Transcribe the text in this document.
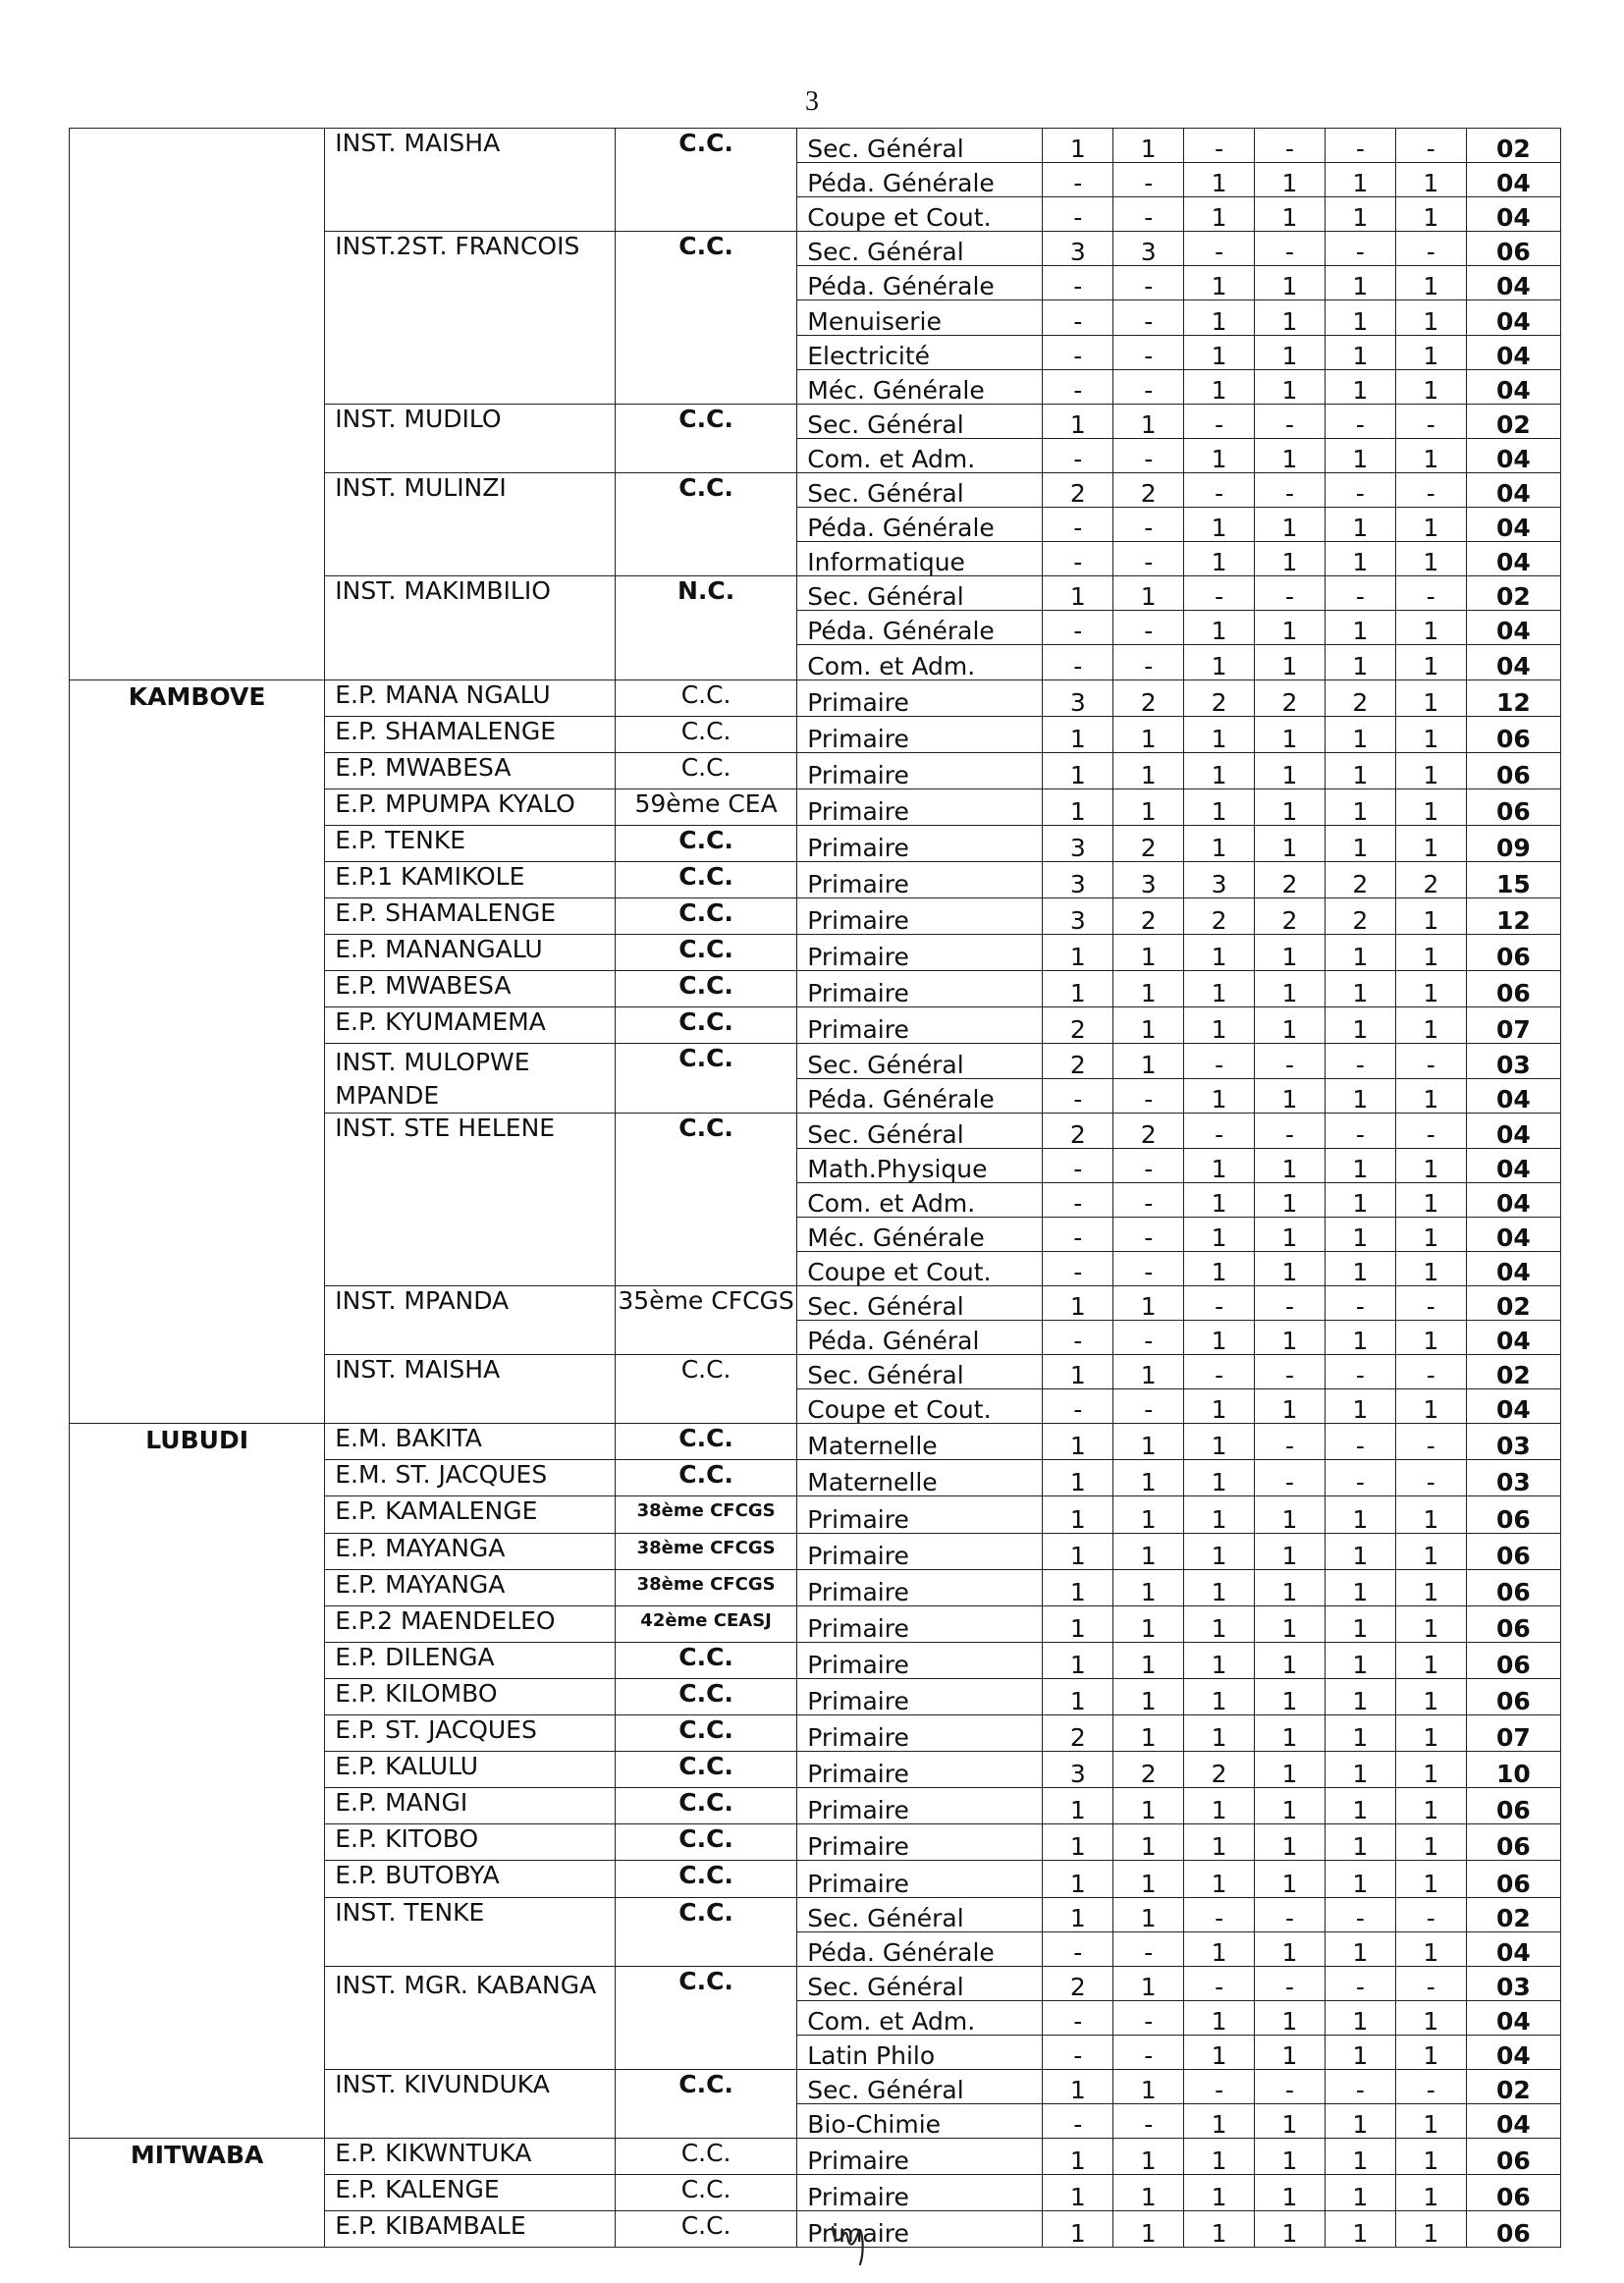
3
	INST. MAISHA	C.C.	Sec. Général	1	1	-	-	-	-	02
			Péda. Générale	-	-	1	1	1	1	04
			Coupe et Cout.	-	-	1	1	1	1	04
	INST.2ST. FRANCOIS	C.C.	Sec. Général	3	3	-	-	-	-	06
			Péda. Générale	-	-	1	1	1	1	04
			Menuiserie	-	-	1	1	1	1	04
			Electricité	-	-	1	1	1	1	04
			Méc. Générale	-	-	1	1	1	1	04
	INST. MUDILO	C.C.	Sec. Général	1	1	-	-	-	-	02
			Com. et Adm.	-	-	1	1	1	1	04
	INST. MULINZI	C.C.	Sec. Général	2	2	-	-	-	-	04
			Péda. Générale	-	-	1	1	1	1	04
			Informatique	-	-	1	1	1	1	04
	INST. MAKIMBILIO	N.C.	Sec. Général	1	1	-	-	-	-	02
			Péda. Générale	-	-	1	1	1	1	04
			Com. et Adm.	-	-	1	1	1	1	04
KAMBOVE	E.P. MANA NGALU	C.C.	Primaire	3	2	2	2	2	1	12
	E.P. SHAMALENGE	C.C.	Primaire	1	1	1	1	1	1	06
	E.P. MWABESA	C.C.	Primaire	1	1	1	1	1	1	06
	E.P. MPUMPA KYALO	59ème CEA	Primaire	1	1	1	1	1	1	06
	E.P. TENKE	C.C.	Primaire	3	2	1	1	1	1	09
	E.P.1 KAMIKOLE	C.C.	Primaire	3	3	3	2	2	2	15
	E.P. SHAMALENGE	C.C.	Primaire	3	2	2	2	2	1	12
	E.P. MANANGALU	C.C.	Primaire	1	1	1	1	1	1	06
	E.P. MWABESA	C.C.	Primaire	1	1	1	1	1	1	06
	E.P. KYUMAMEMA	C.C.	Primaire	2	1	1	1	1	1	07
	INST. MULOPWE MPANDE	C.C.	Sec. Général	2	1	-	-	-	-	03
			Péda. Générale	-	-	1	1	1	1	04
	INST. STE HELENE	C.C.	Sec. Général	2	2	-	-	-	-	04
			Math.Physique	-	-	1	1	1	1	04
			Com. et Adm.	-	-	1	1	1	1	04
			Méc. Générale	-	-	1	1	1	1	04
			Coupe et Cout.	-	-	1	1	1	1	04
	INST. MPANDA	35ème CFCGS	Sec. Général	1	1	-	-	-	-	02
			Péda. Général	-	-	1	1	1	1	04
	INST. MAISHA	C.C.	Sec. Général	1	1	-	-	-	-	02
			Coupe et Cout.	-	-	1	1	1	1	04
LUBUDI	E.M. BAKITA	C.C.	Maternelle	1	1	1	-	-	-	03
	E.M. ST. JACQUES	C.C.	Maternelle	1	1	1	-	-	-	03
	E.P. KAMALENGE	38ème CFCGS	Primaire	1	1	1	1	1	1	06
	E.P. MAYANGA	38ème CFCGS	Primaire	1	1	1	1	1	1	06
	E.P. MAYANGA	38ème CFCGS	Primaire	1	1	1	1	1	1	06
	E.P.2 MAENDELEO	42ème CEASJ	Primaire	1	1	1	1	1	1	06
	E.P. DILENGA	C.C.	Primaire	1	1	1	1	1	1	06
	E.P. KILOMBO	C.C.	Primaire	1	1	1	1	1	1	06
	E.P. ST. JACQUES	C.C.	Primaire	2	1	1	1	1	1	07
	E.P. KALULU	C.C.	Primaire	3	2	2	1	1	1	10
	E.P. MANGI	C.C.	Primaire	1	1	1	1	1	1	06
	E.P. KITOBO	C.C.	Primaire	1	1	1	1	1	1	06
	E.P. BUTOBYA	C.C.	Primaire	1	1	1	1	1	1	06
	INST. TENKE	C.C.	Sec. Général	1	1	-	-	-	-	02
			Péda. Générale	-	-	1	1	1	1	04
	INST. MGR. KABANGA	C.C.	Sec. Général	2	1	-	-	-	-	03
			Com. et Adm.	-	-	1	1	1	1	04
			Latin Philo	-	-	1	1	1	1	04
	INST. KIVUNDUKA	C.C.	Sec. Général	1	1	-	-	-	-	02
			Bio-Chimie	-	-	1	1	1	1	04
MITWABA	E.P. KIKWNTUKA	C.C.	Primaire	1	1	1	1	1	1	06
	E.P. KALENGE	C.C.	Primaire	1	1	1	1	1	1	06
	E.P. KIBAMBALE	C.C.	Primaire	1	1	1	1	1	1	06
